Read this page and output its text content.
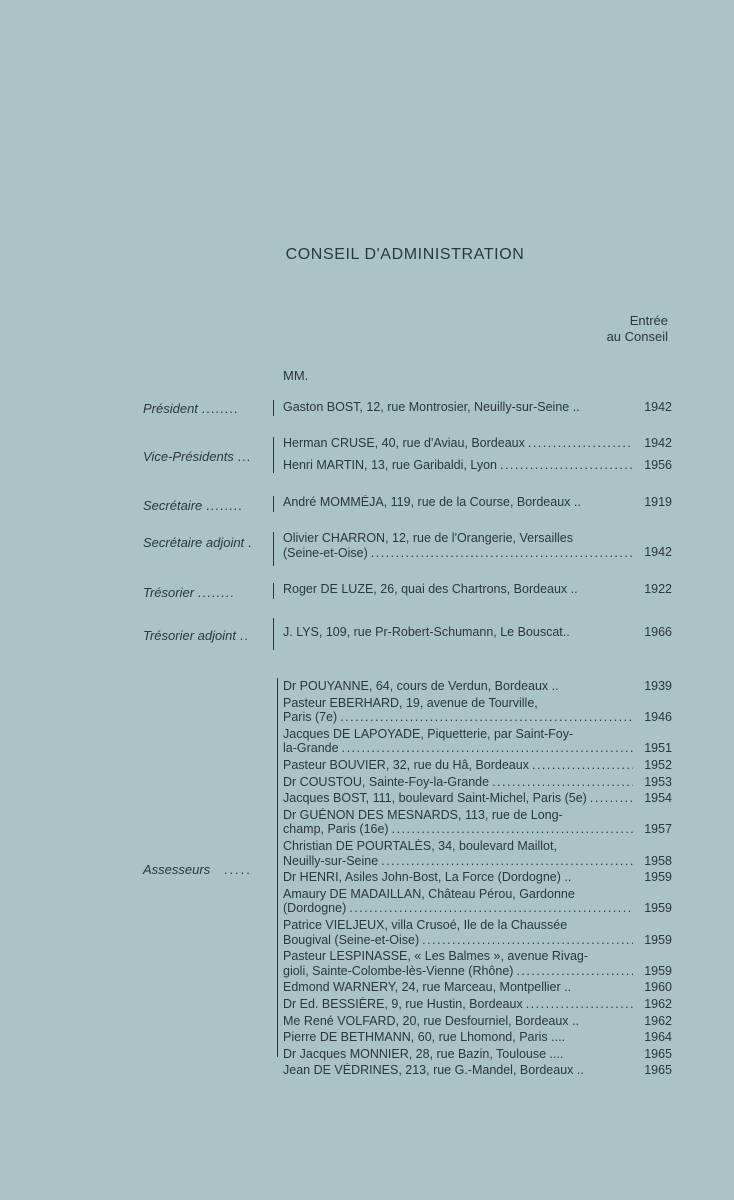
CONSEIL D'ADMINISTRATION
Entrée
au Conseil
MM.
Président ........	Gaston BOST, 12, rue Montrosier, Neuilly-sur-Seine ..	1942
Vice-Présidents ...
Herman CRUSE, 40, rue d'Aviau, Bordeaux .....	1942
Henri MARTIN, 13, rue Garibaldi, Lyon .....	1956
Secrétaire ........	André MOMMÉJA, 119, rue de la Course, Bordeaux ..	1919
Secrétaire adjoint .	Olivier CHARRON, 12, rue de l'Orangerie, Versailles
(Seine-et-Oise) .....	1942
Trésorier ........	Roger DE LUZE, 26, quai des Chartrons, Bordeaux ..	1922
Trésorier adjoint ..	J. LYS, 109, rue Pr-Robert-Schumann, Le Bouscat..	1966
Assesseurs .....
Dr POUYANNE, 64, cours de Verdun, Bordeaux ..	1939
Pasteur EBERHARD, 19, avenue de Tourville,
Paris (7e) .....	1946
Jacques DE LAPOYADE, Piquetterie, par Saint-Foy-
la-Grande .....	1951
Pasteur BOUVIER, 32, rue du Hâ, Bordeaux .....	1952
Dr COUSTOU, Sainte-Foy-la-Grande .....	1953
Jacques BOST, 111, boulevard Saint-Michel, Paris (5e) .....	1954
Dr GUÉNON DES MESNARDS, 113, rue de Long-
champ, Paris (16e) .....	1957
Christian DE POURTALÈS, 34, boulevard Maillot,
Neuilly-sur-Seine .....	1958
Dr HENRI, Asiles John-Bost, La Force (Dordogne) ..	1959
Amaury DE MADAILLAN, Château Pérou, Gardonne
(Dordogne) .....	1959
Patrice VIELJEUX, villa Crusoé, Ile de la Chaussée
Bougival (Seine-et-Oise) .....	1959
Pasteur LESPINASSE, « Les Balmes », avenue Rivag-
gioli, Sainte-Colombe-lès-Vienne (Rhône) .....	1959
Edmond WARNERY, 24, rue Marceau, Montpellier ..	1960
Dr Ed. BESSIÈRE, 9, rue Hustin, Bordeaux .....	1962
Me René VOLFARD, 20, rue Desfourniel, Bordeaux ..	1962
Pierre DE BETHMANN, 60, rue Lhomond, Paris ....	1964
Dr Jacques MONNIER, 28, rue Bazin, Toulouse ....	1965
Jean DE VÉDRINES, 213, rue G.-Mandel, Bordeaux ..	1965
